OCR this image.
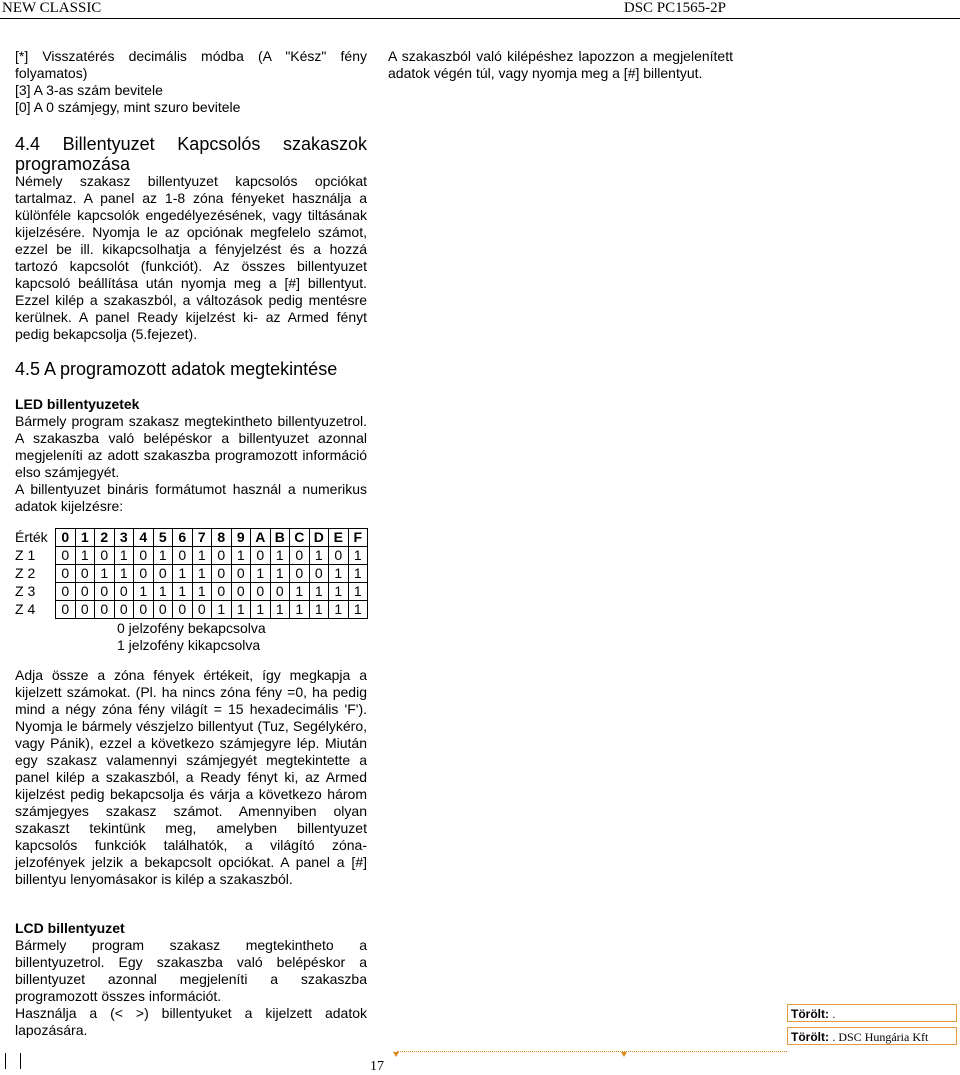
NEW CLASSIC	DSC PC1565-2P

[*] Visszatérés decimális módba (A "Kész" fény folyamatos)

[3] A 3-as szám bevitele

[0] A 0 számjegy, mint szuro bevitele

A szakaszból való kilépéshez lapozzon a megjelenített adatok végén túl, vagy nyomja meg a [#] billentyut.
4.4 Billentyuzet Kapcsolós szakaszok programozása
Némely szakasz billentyuzet kapcsolós opciókat tartalmaz. A panel az 1-8 zóna fényeket használja a különféle kapcsolók engedélyezésének, vagy tiltásának kijelzésére. Nyomja le az opciónak megfelelo számot, ezzel be ill. kikapcsolhatja a fényjelzést és a hozzá tartozó kapcsolót (funkciót). Az összes billentyuzet kapcsoló beállítása után nyomja meg a [#] billentyut. Ezzel kilép a szakaszból, a változások pedig mentésre kerülnek. A panel Ready kijelzést ki- az Armed fényt pedig bekapcsolja (5.fejezet).
4.5 A programozott adatok megtekintése
LED billentyuzetek
Bármely program szakasz megtekintheto billentyuzetrol. A szakaszba való belépéskor a billentyuzet azonnal megjeleníti az adott szakaszba programozott információ elso számjegyét.
A billentyuzet bináris formátumot használ a numerikus adatok kijelzésre:
Érték	0	1	2	3	4	5	6	7	8	9	A	B	C	D	E	F
Z 1	0	1	0	1	0	1	0	1	0	1	0	1	0	1	0	1
Z 2	0	0	1	1	0	0	1	1	0	0	1	1	0	0	1	1
Z 3	0	0	0	0	1	1	1	1	0	0	0	0	1	1	1	1
Z 4	0	0	0	0	0	0	0	0	1	1	1	1	1	1	1	1
0 jelzofény bekapcsolva
1 jelzofény kikapcsolva
Adja össze a zóna fények értékeit, így megkapja a kijelzett számokat. (Pl. ha nincs zóna fény =0, ha pedig mind a négy zóna fény világít = 15 hexadecimális 'F'). Nyomja le bármely vészjelzo billentyut (Tuz, Segélykéro, vagy Pánik), ezzel a következo számjegyre lép. Miután egy szakasz valamennyi számjegyét megtekintette a panel kilép a szakaszból, a Ready fényt ki, az Armed kijelzést pedig bekapcsolja és várja a következo három számjegyes szakasz számot. Amennyiben olyan szakaszt tekintünk meg, amelyben billentyuzet kapcsolós funkciók találhatók, a világító zóna-jelzofények jelzik a bekapcsolt opciókat. A panel a [#] billentyu lenyomásakor is kilép a szakaszból.
LCD billentyuzet
Bármely program szakasz megtekintheto a billentyuzetrol. Egy szakaszba való belépéskor a billentyuzet azonnal megjeleníti a szakaszba programozott összes információt.
Használja a (< >) billentyuket a kijelzett adatok lapozására.
17
Törölt: .
Törölt: . DSC Hungária Kft
